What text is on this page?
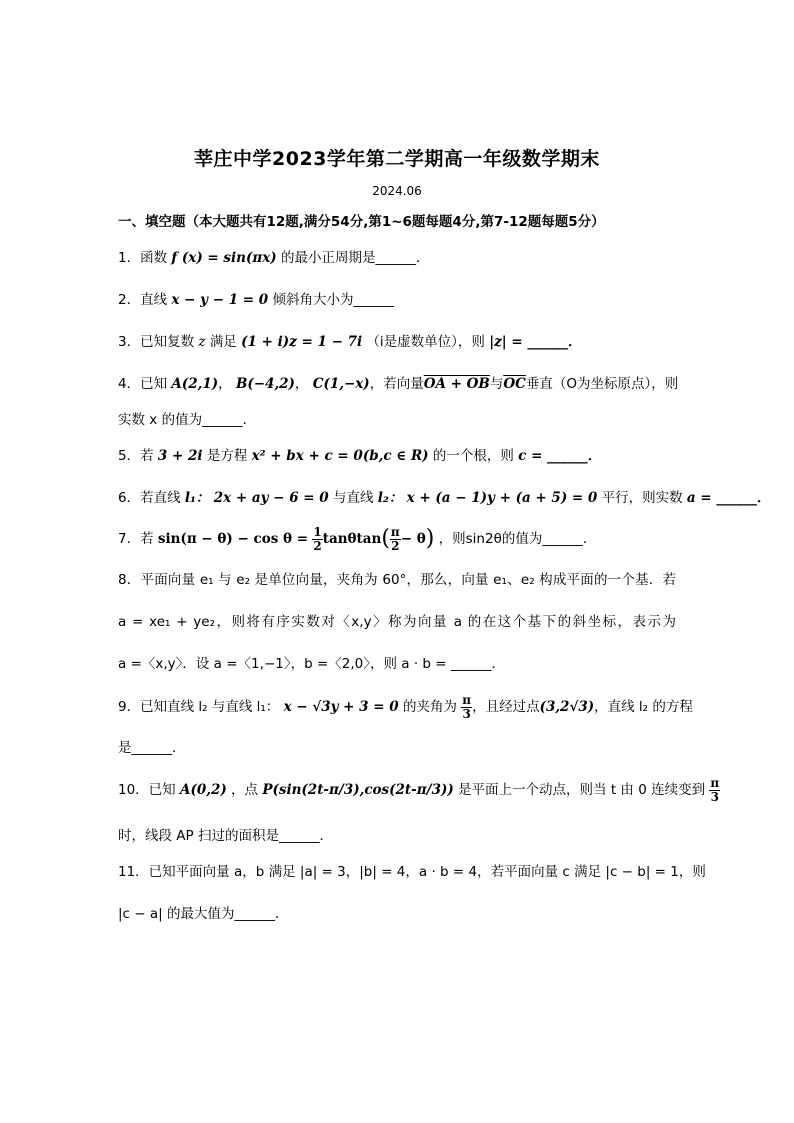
莘庄中学2023学年第二学期高一年级数学期末
2024.06
一、填空题（本大题共有12题,满分54分,第1~6题每题4分,第7-12题每题5分）
1．函数 f (x) = sin(πx) 的最小正周期是______．
2．直线 x − y − 1 = 0 倾斜角大小为______
3．已知复数 z 满足 (1 + i)z = 1 − 7i （i是虚数单位），则 |z| = ______．
4．已知 A(2,1)， B(−4,2)， C(1,−x)，若向量OA + OB与$\overline{OC}$垂直（O为坐标原点），则
实数 x 的值为______．
5．若 3 + 2i 是方程 x² + bx + c = 0(b,c ∈ R) 的一个根，则 c = ______．
6．若直线 l₁： 2x + ay − 6 = 0 与直线 l₂： x + (a − 1)y + (a + 5) = 0 平行，则实数 a = ______．
7．若 $\sin(\pi - \theta) - \cos \theta = \frac{1}{2} \tan\theta\tan( \frac{\pi}{2} - \theta)$ ，则sin2θ的值为______．
8．平面向量 e₁ 与 e₂ 是单位向量，夹角为 60°，那么，向量 e₁、e₂ 构成平面的一个基．若
a = xe₁ + ye₂，则将有序实数对〈x,y〉称为向量 a 的在这个基下的斜坐标，表示为
a =〈x,y〉．设 a =〈1,−1〉，b =〈2,0〉，则 a · b = ______．
9．已知直线 l₂ 与直线 l₁： x − √3y + 3 = 0 的夹角为 $\frac{\pi}{3}$ ，且经过点(3,2√3)，直线 l₂ 的方程
是______．
10．已知 A(0,2) ，点 P(sin(2t-π/3),cos(2t-π/3)) 是平面上一个动点，则当 t 由 0 连续变到 $\frac{\pi}{3}$
时，线段 AP 扫过的面积是______．
11．已知平面向量 a，b 满足 |a| = 3，|b| = 4，a · b = 4，若平面向量 c 满足 |c − b| = 1，则
|c − a| 的最大值为______．
